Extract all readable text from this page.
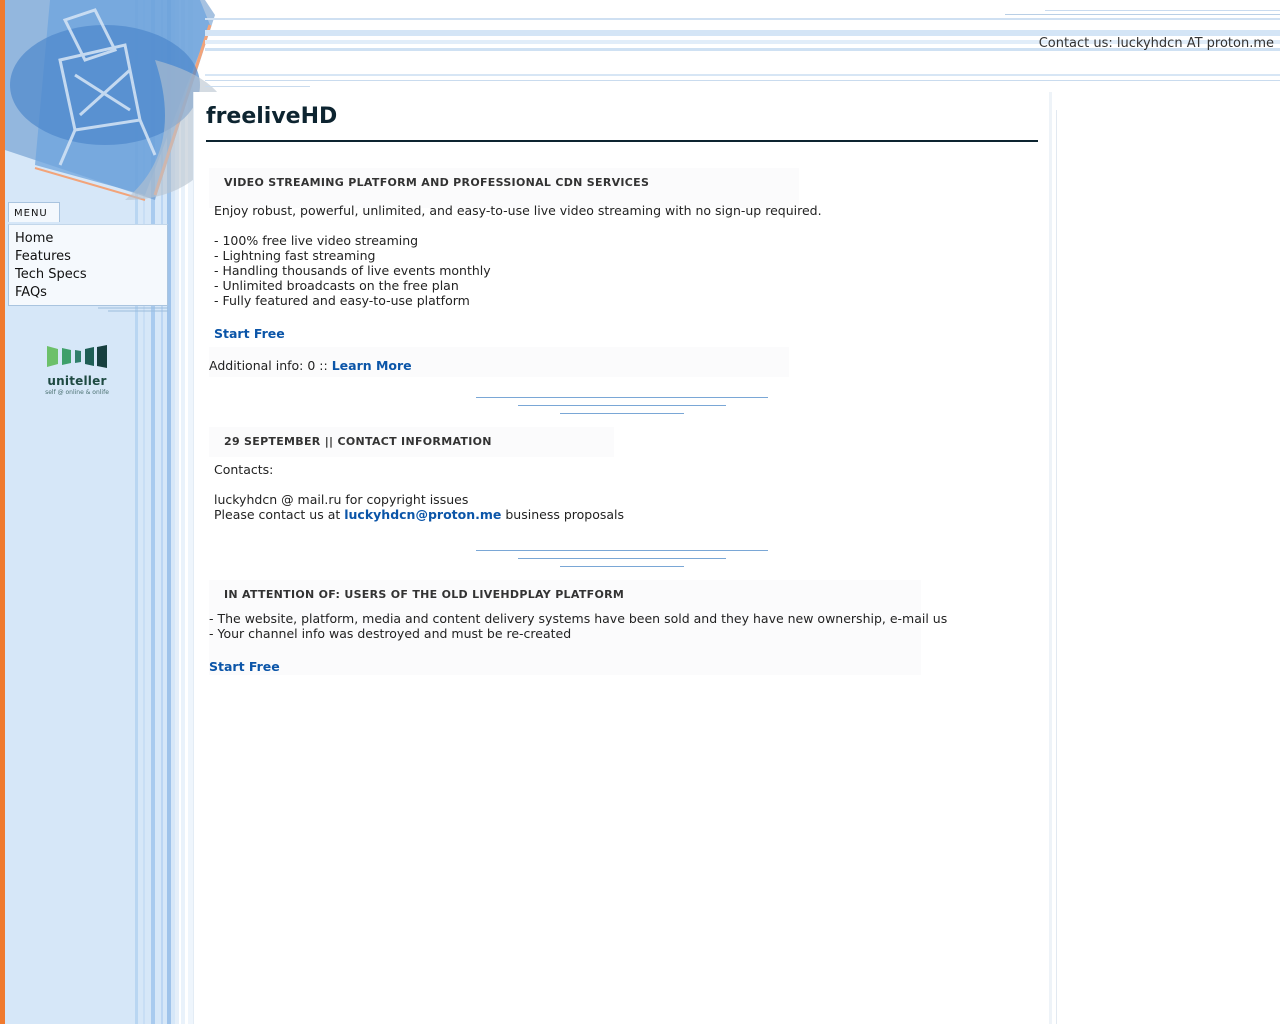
Contact us: luckyhdcn AT proton.me
MENU
Home
Features
Tech Specs
FAQs
uniteller
self @ online & onlife
freeliveHD
VIDEO STREAMING PLATFORM AND PROFESSIONAL CDN SERVICES
Enjoy robust, powerful, unlimited, and easy-to-use live video streaming with no sign-up required.
- 100% free live video streaming
- Lightning fast streaming
- Handling thousands of live events monthly
- Unlimited broadcasts on the free plan
- Fully featured and easy-to-use platform
Start Free
Additional info: 0 :: Learn More
29 SEPTEMBER || CONTACT INFORMATION
Contacts:
luckyhdcn @ mail.ru for copyright issues
Please contact us at luckyhdcn@proton.me business proposals
IN ATTENTION OF: USERS OF THE OLD LIVEHDPLAY PLATFORM
- The website, platform, media and content delivery systems have been sold and they have new ownership, e-mail us
- Your channel info was destroyed and must be re-created
Start Free
